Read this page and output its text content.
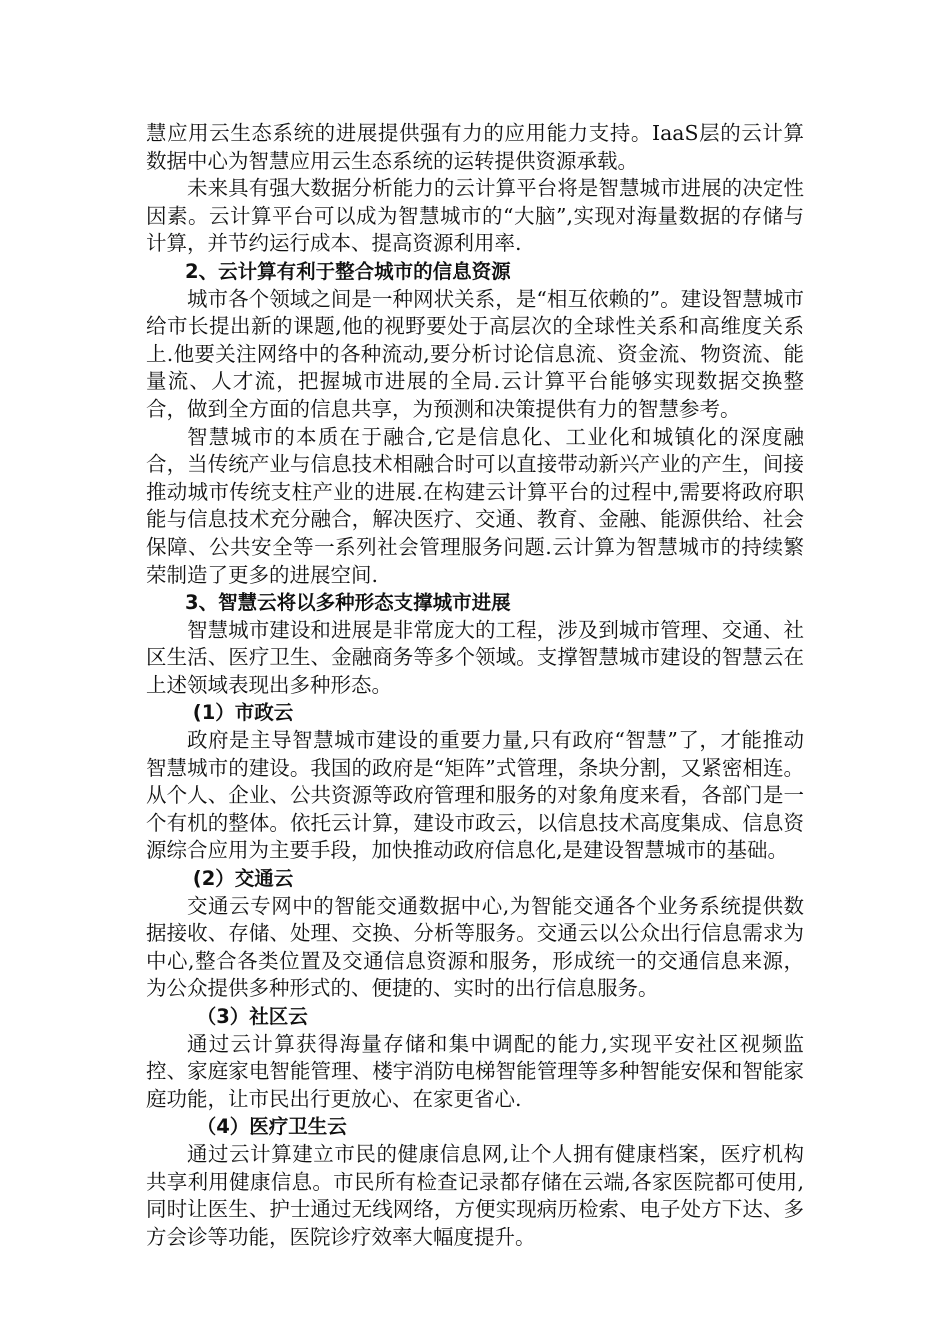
慧应用云生态系统的进展提供强有力的应用能力支持。IaaS层的云计算数据中心为智慧应用云生态系统的运转提供资源承载。

未来具有强大数据分析能力的云计算平台将是智慧城市进展的决定性因素。云计算平台可以成为智慧城市的“大脑”,实现对海量数据的存储与计算，并节约运行成本、提高资源利用率.

2、云计算有利于整合城市的信息资源

城市各个领域之间是一种网状关系，是“相互依赖的”。建设智慧城市给市长提出新的课题,他的视野要处于高层次的全球性关系和高维度关系上.他要关注网络中的各种流动,要分析讨论信息流、资金流、物资流、能量流、人才流，把握城市进展的全局.云计算平台能够实现数据交换整合，做到全方面的信息共享，为预测和决策提供有力的智慧参考。

智慧城市的本质在于融合,它是信息化、工业化和城镇化的深度融合，当传统产业与信息技术相融合时可以直接带动新兴产业的产生，间接推动城市传统支柱产业的进展.在构建云计算平台的过程中,需要将政府职能与信息技术充分融合，解决医疗、交通、教育、金融、能源供给、社会保障、公共安全等一系列社会管理服务问题.云计算为智慧城市的持续繁荣制造了更多的进展空间.

3、智慧云将以多种形态支撑城市进展

智慧城市建设和进展是非常庞大的工程，涉及到城市管理、交通、社区生活、医疗卫生、金融商务等多个领域。支撑智慧城市建设的智慧云在上述领域表现出多种形态。

(1）市政云

政府是主导智慧城市建设的重要力量,只有政府“智慧”了，才能推动智慧城市的建设。我国的政府是“矩阵”式管理，条块分割，又紧密相连。从个人、企业、公共资源等政府管理和服务的对象角度来看，各部门是一个有机的整体。依托云计算，建设市政云，以信息技术高度集成、信息资源综合应用为主要手段，加快推动政府信息化,是建设智慧城市的基础。

(2）交通云

交通云专网中的智能交通数据中心,为智能交通各个业务系统提供数据接收、存储、处理、交换、分析等服务。交通云以公众出行信息需求为中心,整合各类位置及交通信息资源和服务，形成统一的交通信息来源，为公众提供多种形式的、便捷的、实时的出行信息服务。

（3）社区云

通过云计算获得海量存储和集中调配的能力,实现平安社区视频监控、家庭家电智能管理、楼宇消防电梯智能管理等多种智能安保和智能家庭功能，让市民出行更放心、在家更省心.

（4）医疗卫生云

通过云计算建立市民的健康信息网,让个人拥有健康档案，医疗机构共享利用健康信息。市民所有检查记录都存储在云端,各家医院都可使用,同时让医生、护士通过无线网络，方便实现病历检索、电子处方下达、多方会诊等功能，医院诊疗效率大幅度提升。
